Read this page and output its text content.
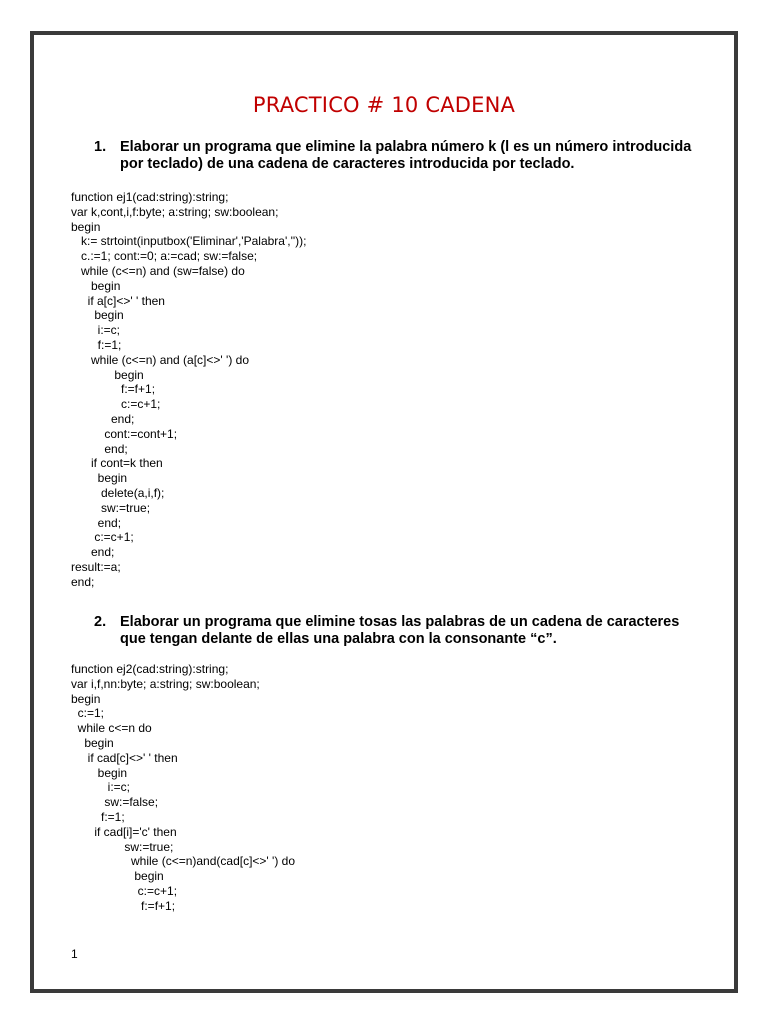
PRACTICO # 10 CADENA
1. Elaborar un programa que elimine la palabra número k (l es un número introducida por teclado) de una cadena de caracteres introducida por teclado.
function ej1(cad:string):string;
var k,cont,i,f:byte; a:string; sw:boolean;
begin
k:= strtoint(inputbox('Eliminar','Palabra',''));
c.:=1; cont:=0; a:=cad; sw:=false;
while (c<=n) and (sw=false) do
begin
if a[c]<>' ' then
begin
i:=c;
f:=1;
while (c<=n) and (a[c]<>' ') do
begin
f:=f+1;
c:=c+1;
end;
cont:=cont+1;
end;
if cont=k then
begin
delete(a,i,f);
sw:=true;
end;
c:=c+1;
end;
result:=a;
end;
2. Elaborar un programa que elimine tosas las palabras de un cadena de caracteres que tengan delante de ellas una palabra con la consonante “c”.
function ej2(cad:string):string;
var i,f,nn:byte; a:string; sw:boolean;
begin
c:=1;
while c<=n do
begin
if cad[c]<>' ' then
begin
i:=c;
sw:=false;
f:=1;
if cad[i]='c' then
sw:=true;
while (c<=n)and(cad[c]<>' ') do
begin
c:=c+1;
f:=f+1;
1
